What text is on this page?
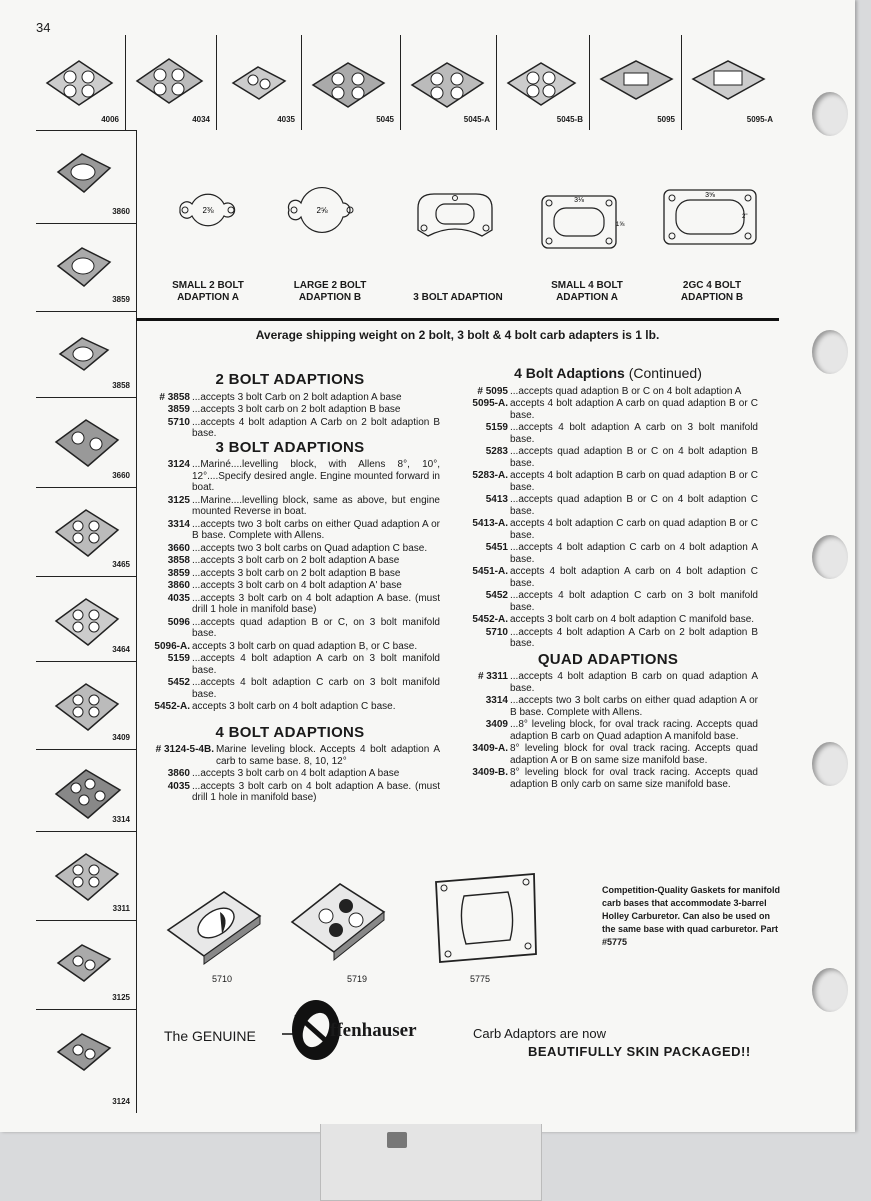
34
4006	4034	4035	5045	5045-A	5045-B	5095	5095-A
3860
3859
3858
3660
3465
3464
3409
3314
3311
3125
3124
2⅜	2⅝
3⅛
1⅝
3⅝
2"
SMALL 2 BOLT
ADAPTION A
LARGE 2 BOLT
ADAPTION B	3 BOLT ADAPTION
SMALL 4 BOLT
ADAPTION A
2GC 4 BOLT
ADAPTION B
Average shipping weight on 2 bolt, 3 bolt & 4 bolt carb adapters is 1 lb.
2 BOLT ADAPTIONS
# 3858 ...accepts 3 bolt Carb on 2 bolt adaption A base
3859 ...accepts 3 bolt carb on 2 bolt adaption B base
5710 ...accepts 4 bolt adaption A Carb on 2 bolt adaption B base.
3 BOLT ADAPTIONS
3124 ...Mariné....levelling block, with Allens 8°, 10°, 12°....Specify desired angle. Engine mounted forward in boat.
3125 ...Marine....levelling block, same as above, but engine mounted Reverse in boat.
3314 ...accepts two 3 bolt carbs on either Quad adaption A or B base. Complete with Allens.
3660 ...accepts two 3 bolt carbs on Quad adaption C base.
3858 ...accepts 3 bolt carb on 2 bolt adaption A base
3859 ...accepts 3 bolt carb on 2 bolt adaption B base
3860 ...accepts 3 bolt carb on 4 bolt adaption A' base
4035 ...accepts 3 bolt carb on 4 bolt adaption A base. (must drill 1 hole in manifold base)
5096 ...accepts quad adaption B or C, on 3 bolt manifold base.
5096-A. accepts 3 bolt carb on quad adaption B, or C base.
5159 ...accepts 4 bolt adaption A carb on 3 bolt manifold base.
5452 ...accepts 4 bolt adaption C carb on 3 bolt manifold base.
5452-A. accepts 3 bolt carb on 4 bolt adaption C base.
4 BOLT ADAPTIONS
# 3124-5-4B. Marine leveling block. Accepts 4 bolt adaption A carb to same base. 8, 10, 12°
3860 ...accepts 3 bolt carb on 4 bolt adaption A base
4035 ...accepts 3 bolt carb on 4 bolt adaption A base. (must drill 1 hole in manifold base)
4 Bolt Adaptions (Continued)
# 5095 ...accepts quad adaption B or C on 4 bolt adaption A
5095-A. accepts 4 bolt adaption A carb on quad adaption B or C base.
5159 ...accepts 4 bolt adaption A carb on 3 bolt manifold base.
5283 ...accepts quad adaption B or C on 4 bolt adaption B base.
5283-A. accepts 4 bolt adaption B carb on quad adaption B or C base.
5413 ...accepts quad adaption B or C on 4 bolt adaption C base.
5413-A. accepts 4 bolt adaption C carb on quad adaption B or C base.
5451 ...accepts 4 bolt adaption C carb on 4 bolt adaption A base.
5451-A. accepts 4 bolt adaption A carb on 4 bolt adaption C base.
5452 ...accepts 4 bolt adaption C carb on 3 bolt manifold base.
5452-A. accepts 3 bolt carb on 4 bolt adaption C manifold base.
5710 ...accepts 4 bolt adaption A Carb on 2 bolt adaption B base.
QUAD ADAPTIONS
# 3311 ...accepts 4 bolt adaption B carb on quad adaption A base.
3314 ...accepts two 3 bolt carbs on either quad adaption A or B base. Complete with Allens.
3409 ...8° leveling block, for oval track racing. Accepts quad adaption B carb on Quad adaption A manifold base.
3409-A. 8° leveling block for oval track racing. Accepts quad adaption A or B on same size manifold base.
3409-B. 8° leveling block for oval track racing. Accepts quad adaption B only carb on same size manifold base.
5710	5719	5775
Competition-Quality Gaskets for manifold carb bases that accommodate 3-barrel Holley Carburetor. Can also be used on the same base with quad carburetor. Part #5775
The GENUINE	ffenhauser	Carb Adaptors are now
BEAUTIFULLY SKIN PACKAGED!!
